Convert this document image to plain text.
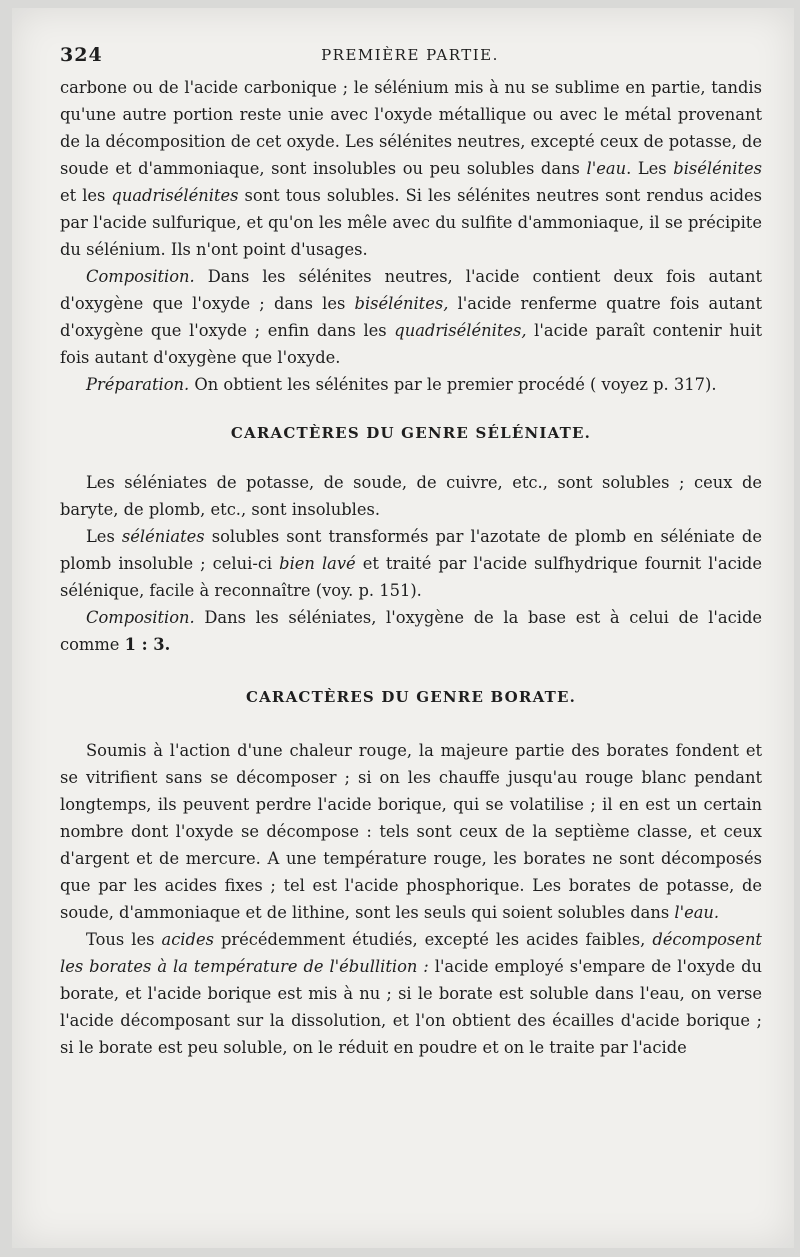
324	PREMIÈRE PARTIE.

carbone ou de l'acide carbonique ; le sélénium mis à nu se sublime en partie, tandis qu'une autre portion reste unie avec l'oxyde métallique ou avec le métal provenant de la décomposition de cet oxyde. Les sélénites neutres, excepté ceux de potasse, de soude et d'ammoniaque, sont insolubles ou peu solubles dans l'eau. Les bisélénites et les quadrisélénites sont tous solubles. Si les sélénites neutres sont rendus acides par l'acide sulfurique, et qu'on les mêle avec du sulfite d'ammoniaque, il se précipite du sélénium. Ils n'ont point d'usages.

Composition. Dans les sélénites neutres, l'acide contient deux fois autant d'oxygène que l'oxyde ; dans les bisélénites, l'acide renferme quatre fois autant d'oxygène que l'oxyde ; enfin dans les quadrisélénites, l'acide paraît contenir huit fois autant d'oxygène que l'oxyde.

Préparation. On obtient les sélénites par le premier procédé ( voyez p. 317).

CARACTÈRES DU GENRE SÉLÉNIATE.

Les séléniates de potasse, de soude, de cuivre, etc., sont solubles ; ceux de baryte, de plomb, etc., sont insolubles.

Les séléniates solubles sont transformés par l'azotate de plomb en séléniate de plomb insoluble ; celui-ci bien lavé et traité par l'acide sulfhydrique fournit l'acide sélénique, facile à reconnaître (voy. p. 151).

Composition. Dans les séléniates, l'oxygène de la base est à celui de l'acide comme 1 : 3.

CARACTÈRES DU GENRE BORATE.

Soumis à l'action d'une chaleur rouge, la majeure partie des borates fondent et se vitrifient sans se décomposer ; si on les chauffe jusqu'au rouge blanc pendant longtemps, ils peuvent perdre l'acide borique, qui se volatilise ; il en est un certain nombre dont l'oxyde se décompose : tels sont ceux de la septième classe, et ceux d'argent et de mercure. A une température rouge, les borates ne sont décomposés que par les acides fixes ; tel est l'acide phosphorique. Les borates de potasse, de soude, d'ammoniaque et de lithine, sont les seuls qui soient solubles dans l'eau.

Tous les acides précédemment étudiés, excepté les acides faibles, décomposent les borates à la température de l'ébullition : l'acide employé s'empare de l'oxyde du borate, et l'acide borique est mis à nu ; si le borate est soluble dans l'eau, on verse l'acide décomposant sur la dissolution, et l'on obtient des écailles d'acide borique ; si le borate est peu soluble, on le réduit en poudre et on le traite par l'acide
